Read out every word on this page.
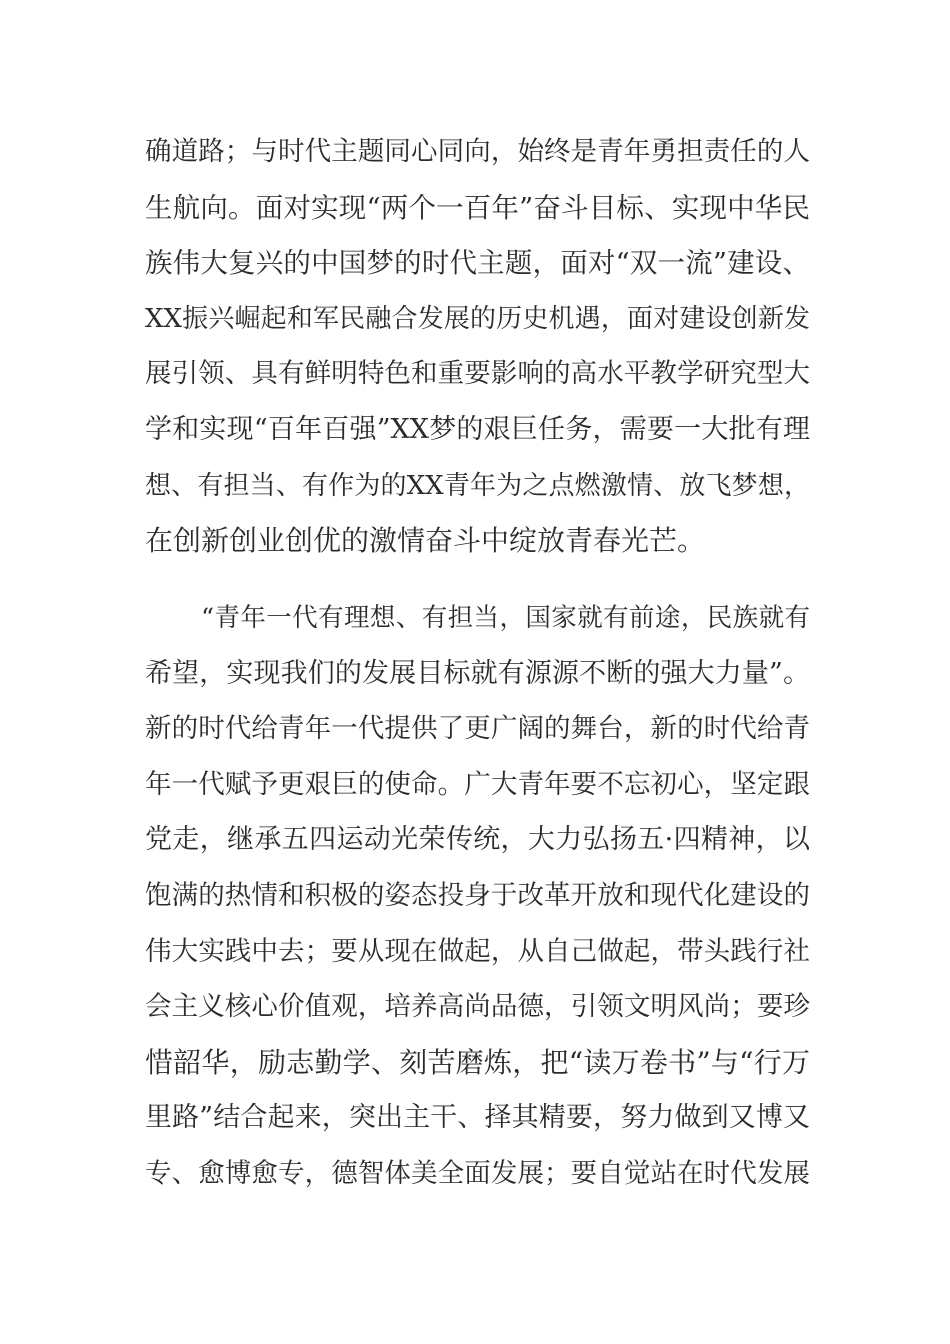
确道路；与时代主题同心同向，始终是青年勇担责任的人
生航向。面对实现“两个一百年”奋斗目标、实现中华民
族伟大复兴的中国梦的时代主题，面对“双一流”建设、
XX振兴崛起和军民融合发展的历史机遇，面对建设创新发
展引领、具有鲜明特色和重要影响的高水平教学研究型大
学和实现“百年百强”XX梦的艰巨任务，需要一大批有理
想、有担当、有作为的XX青年为之点燃激情、放飞梦想，
在创新创业创优的激情奋斗中绽放青春光芒。
“青年一代有理想、有担当，国家就有前途，民族就有
希望，实现我们的发展目标就有源源不断的强大力量”。
新的时代给青年一代提供了更广阔的舞台，新的时代给青
年一代赋予更艰巨的使命。广大青年要不忘初心，坚定跟
党走，继承五四运动光荣传统，大力弘扬五·四精神，以
饱满的热情和积极的姿态投身于改革开放和现代化建设的
伟大实践中去；要从现在做起，从自己做起，带头践行社
会主义核心价值观，培养高尚品德，引领文明风尚；要珍
惜韶华，励志勤学、刻苦磨炼，把“读万卷书”与“行万
里路”结合起来，突出主干、择其精要，努力做到又博又
专、愈博愈专，德智体美全面发展；要自觉站在时代发展
